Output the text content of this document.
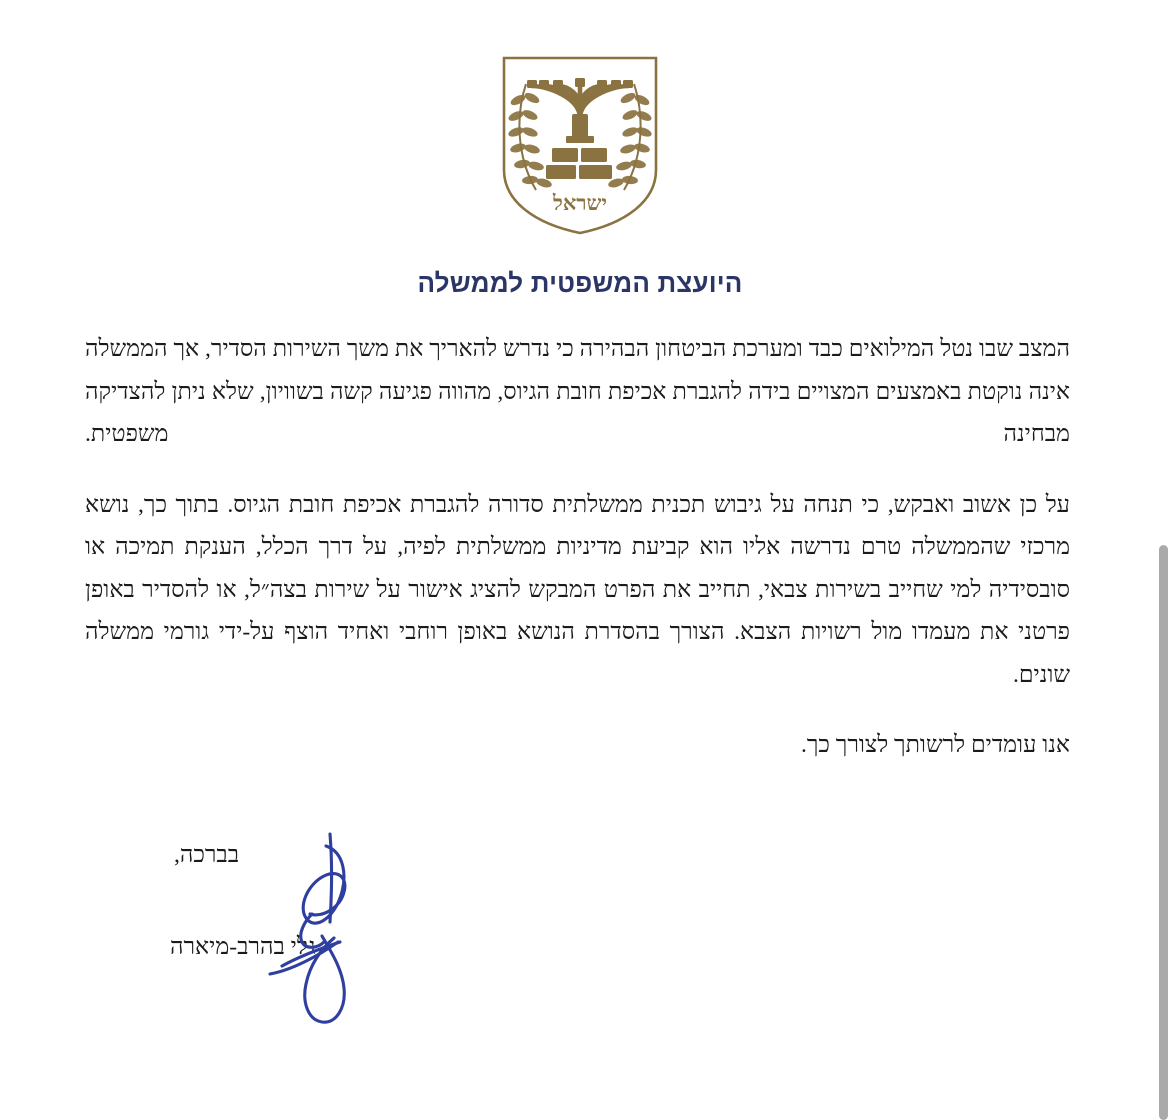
ישראל
היועצת המשפטית לממשלה

המצב שבו נטל המילואים כבד ומערכת הביטחון הבהירה כי נדרש להאריך את משך השירות הסדיר, אך הממשלה אינה נוקטת באמצעים המצויים בידה להגברת אכיפת חובת הגיוס, מהווה פגיעה קשה בשוויון, שלא ניתן להצדיקה מבחינה משפטית.

על כן אשוב ואבקש, כי תנחה על גיבוש תכנית ממשלתית סדורה להגברת אכיפת חובת הגיוס. בתוך כך, נושא מרכזי שהממשלה טרם נדרשה אליו הוא קביעת מדיניות ממשלתית לפיה, על דרך הכלל, הענקת תמיכה או סובסידיה למי שחייב בשירות צבאי, תחייב את הפרט המבקש להציג אישור על שירות בצה״ל, או להסדיר באופן פרטני את מעמדו מול רשויות הצבא. הצורך בהסדרת הנושא באופן רוחבי ואחיד הוצף על-ידי גורמי ממשלה שונים.

אנו עומדים לרשותך לצורך כך.

בברכה,
גלי בהרב-מיארה
